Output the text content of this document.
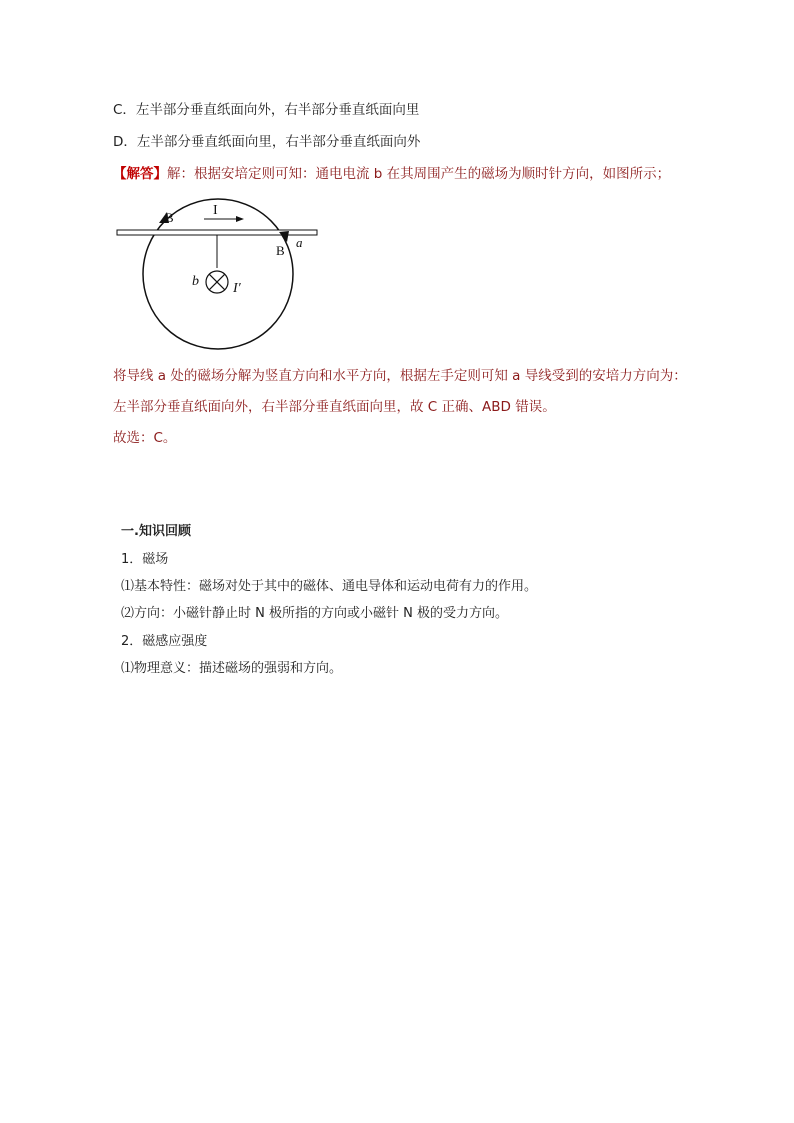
C．左半部分垂直纸面向外，右半部分垂直纸面向里
D．左半部分垂直纸面向里，右半部分垂直纸面向外
【解答】解：根据安培定则可知：通电电流 b 在其周围产生的磁场为顺时针方向，如图所示；
B	I
B
a
b I′
将导线 a 处的磁场分解为竖直方向和水平方向，根据左手定则可知 a 导线受到的安培力方向为：
左半部分垂直纸面向外，右半部分垂直纸面向里，故 C 正确、ABD 错误。
故选：C。
一.知识回顾
1．磁场
⑴基本特性：磁场对处于其中的磁体、通电导体和运动电荷有力的作用。
⑵方向：小磁针静止时 N 极所指的方向或小磁针 N 极的受力方向。
2．磁感应强度
⑴物理意义：描述磁场的强弱和方向。
